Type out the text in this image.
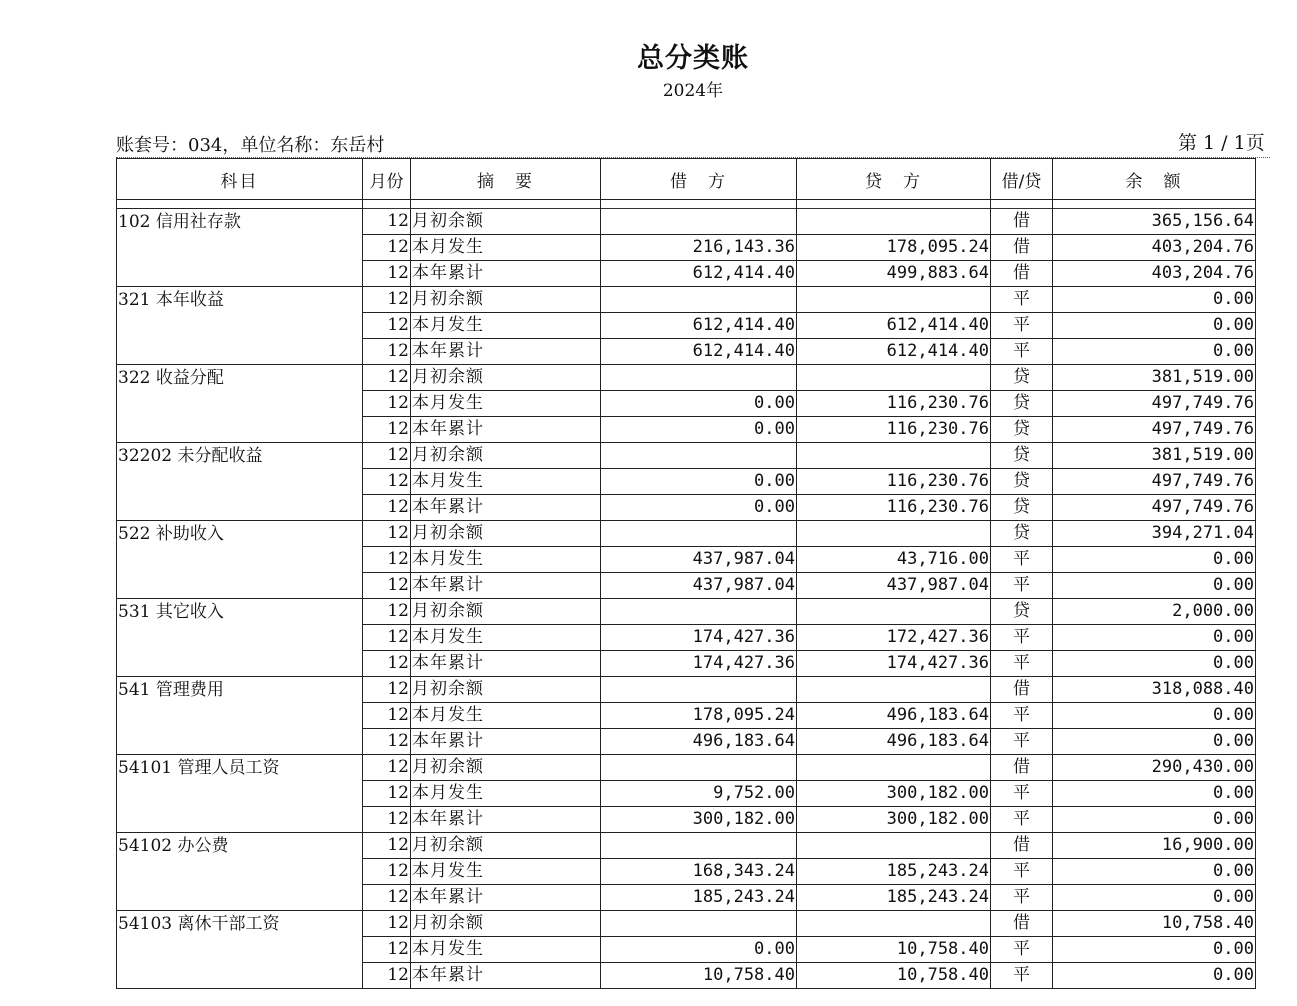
总分类账
2024年
账套号：034，单位名称：东岳村	第 1 / 1页
科目	月份	摘　要	借　方	贷　方	借/贷	余　额

102 信用社存款	12	月初余额			借	365,156.64
	12	本月发生	216,143.36	178,095.24	借	403,204.76
	12	本年累计	612,414.40	499,883.64	借	403,204.76
321 本年收益	12	月初余额			平	0.00
	12	本月发生	612,414.40	612,414.40	平	0.00
	12	本年累计	612,414.40	612,414.40	平	0.00
322 收益分配	12	月初余额			贷	381,519.00
	12	本月发生	0.00	116,230.76	贷	497,749.76
	12	本年累计	0.00	116,230.76	贷	497,749.76
32202 未分配收益	12	月初余额			贷	381,519.00
	12	本月发生	0.00	116,230.76	贷	497,749.76
	12	本年累计	0.00	116,230.76	贷	497,749.76
522 补助收入	12	月初余额			贷	394,271.04
	12	本月发生	437,987.04	43,716.00	平	0.00
	12	本年累计	437,987.04	437,987.04	平	0.00
531 其它收入	12	月初余额			贷	2,000.00
	12	本月发生	174,427.36	172,427.36	平	0.00
	12	本年累计	174,427.36	174,427.36	平	0.00
541 管理费用	12	月初余额			借	318,088.40
	12	本月发生	178,095.24	496,183.64	平	0.00
	12	本年累计	496,183.64	496,183.64	平	0.00
54101 管理人员工资	12	月初余额			借	290,430.00
	12	本月发生	9,752.00	300,182.00	平	0.00
	12	本年累计	300,182.00	300,182.00	平	0.00
54102 办公费	12	月初余额			借	16,900.00
	12	本月发生	168,343.24	185,243.24	平	0.00
	12	本年累计	185,243.24	185,243.24	平	0.00
54103 离休干部工资	12	月初余额			借	10,758.40
	12	本月发生	0.00	10,758.40	平	0.00
	12	本年累计	10,758.40	10,758.40	平	0.00
